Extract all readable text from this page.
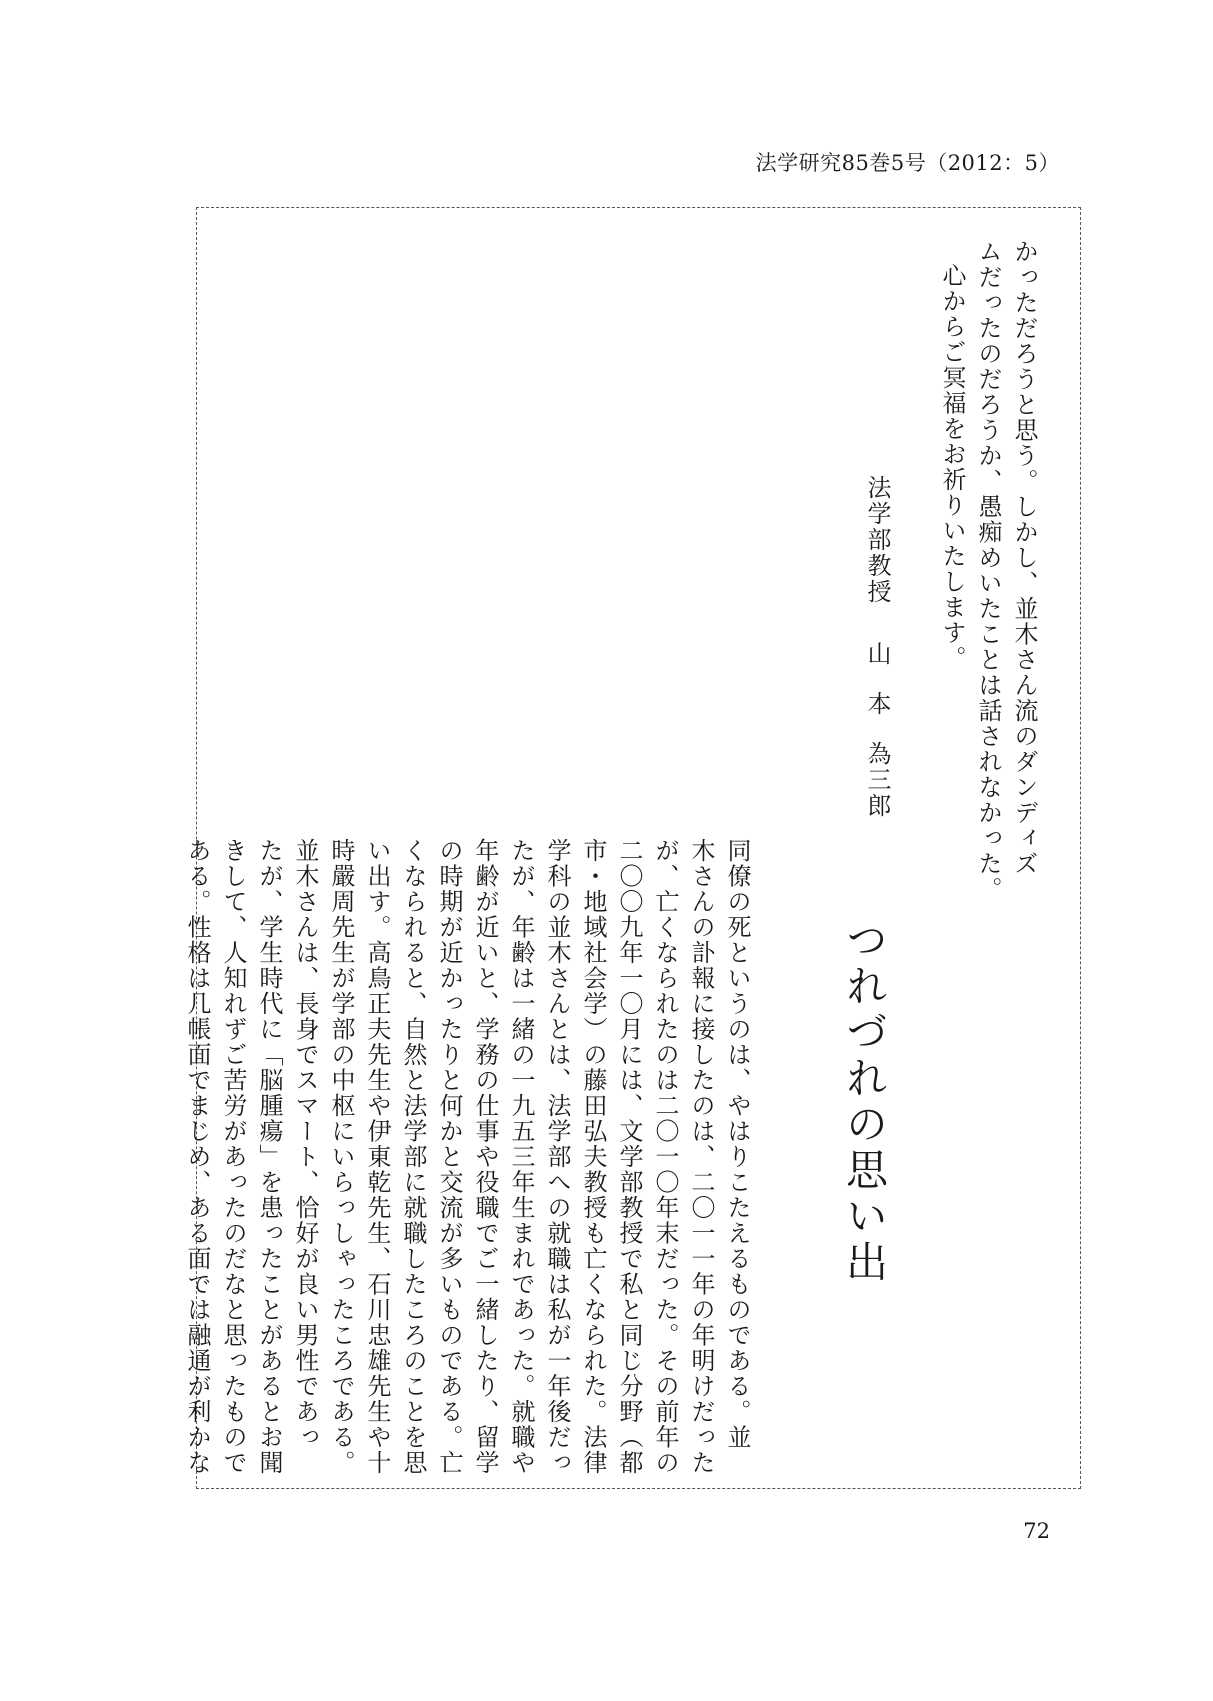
法学研究85巻5号（2012：5）

かっただろうと思う。しかし、並木さん流のダンディズ

ムだったのだろうか、愚痴めいたことは話されなかった。

心からご冥福をお祈りいたします。

法学部教授山本為三郎
つれづれの思い出

同僚の死というのは、やはりこたえるものである。並

木さんの訃報に接したのは、二〇一一年の年明けだった

が、亡くなられたのは二〇一〇年末だった。その前年の

二〇〇九年一〇月には、文学部教授で私と同じ分野（都

市・地域社会学）の藤田弘夫教授も亡くなられた。法律

学科の並木さんとは、法学部への就職は私が一年後だっ

たが、年齢は一緒の一九五三年生まれであった。就職や

年齢が近いと、学務の仕事や役職でご一緒したり、留学

の時期が近かったりと何かと交流が多いものである。亡

くなられると、自然と法学部に就職したころのことを思

い出す。高鳥正夫先生や伊東乾先生、石川忠雄先生や十

時嚴周先生が学部の中枢にいらっしゃったころである。

並木さんは、長身でスマート、恰好が良い男性であっ

たが、学生時代に「脳腫瘍」を患ったことがあるとお聞

きして、人知れずご苦労があったのだなと思ったもので

ある。性格は几帳面でまじめ、ある面では融通が利かな

72
